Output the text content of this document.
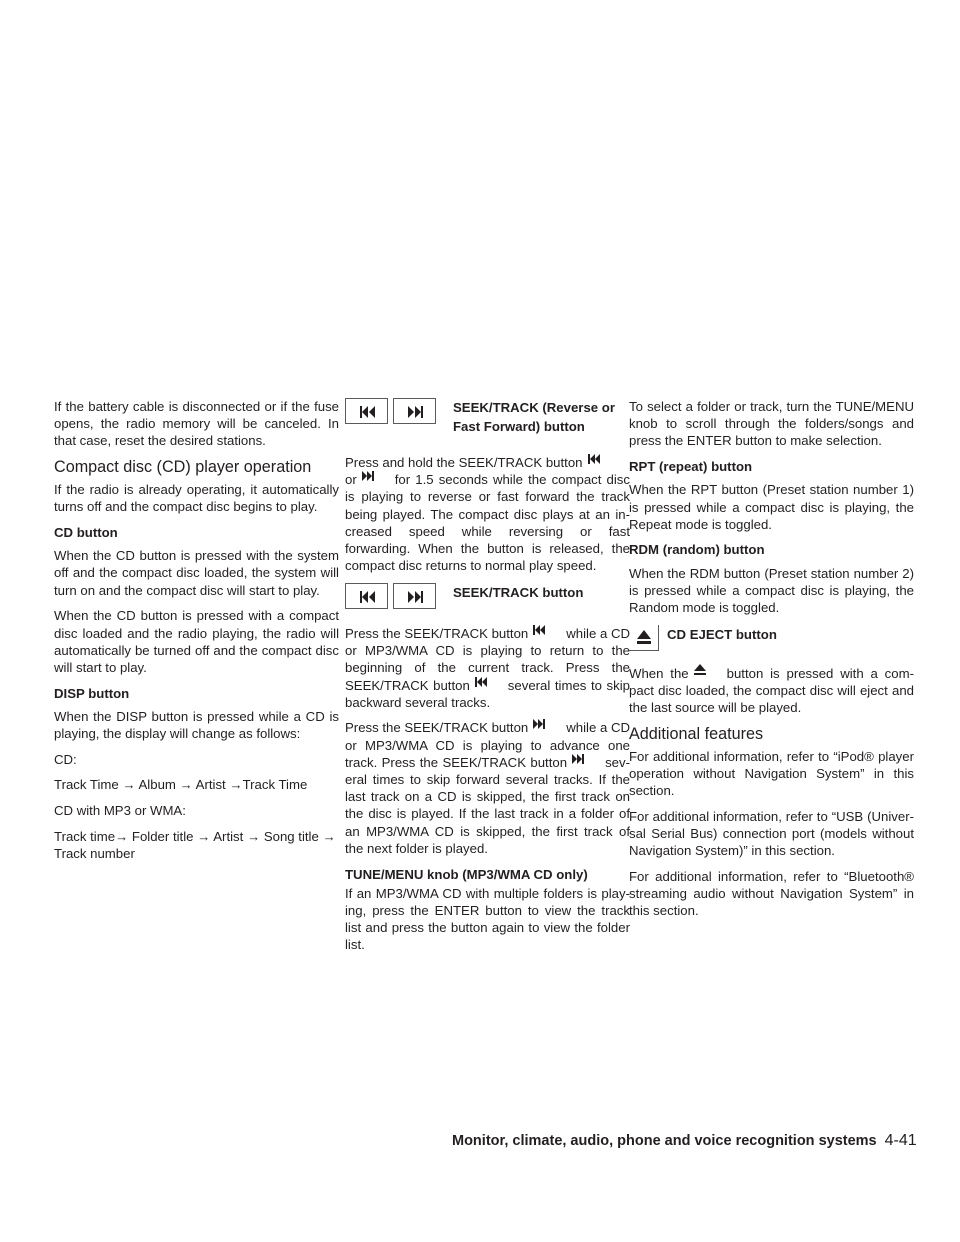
If the battery cable is disconnected or if the fuse opens, the radio memory will be canceled. In that case, reset the desired stations.

Compact disc (CD) player operation

If the radio is already operating, it automatically turns off and the compact disc begins to play.

CD button

When the CD button is pressed with the system off and the compact disc loaded, the system will turn on and the compact disc will start to play.

When the CD button is pressed with a compact disc loaded and the radio playing, the radio will automatically be turned off and the compact disc will start to play.

DISP button

When the DISP button is pressed while a CD is playing, the display will change as follows:

CD:

Track Time → Album → Artist →Track Time

CD with MP3 or WMA:

Track time→ Folder title → Artist → Song title → Track number

SEEK/TRACK (Reverse or
Fast Forward) button

Press and hold the SEEK/TRACK button

or	for 1.5 seconds while the compact disc is playing to reverse or fast forward the track being played. The compact disc plays at an increased speed while reversing or fast forwarding. When the button is released, the compact disc returns to normal play speed.

SEEK/TRACK button

Press the SEEK/TRACK button	while a CD or MP3/WMA CD is playing to return to the beginning of the current track. Press the SEEK/TRACK button	several times to skip backward several tracks.

Press the SEEK/TRACK button	while a CD or MP3/WMA CD is playing to advance one track. Press the SEEK/TRACK button	several times to skip forward several tracks. If the last track on a CD is skipped, the first track on the disc is played. If the last track in a folder of an MP3/WMA CD is skipped, the first track of the next folder is played.

TUNE/MENU knob (MP3/WMA CD only)

If an MP3/WMA CD with multiple folders is playing, press the ENTER button to view the track list and press the button again to view the folder list.

To select a folder or track, turn the TUNE/MENU knob to scroll through the folders/songs and press the ENTER button to make selection.

RPT (repeat) button

When the RPT button (Preset station number 1) is pressed while a compact disc is playing, the Repeat mode is toggled.

RDM (random) button

When the RDM button (Preset station number 2) is pressed while a compact disc is playing, the Random mode is toggled.

CD EJECT button

When the	button is pressed with a compact disc loaded, the compact disc will eject and the last source will be played.

Additional features

For additional information, refer to “iPod® player operation without Navigation System” in this section.

For additional information, refer to “USB (Universal Serial Bus) connection port (models without Navigation System)” in this section.

For additional information, refer to “Bluetooth® streaming audio without Navigation System” in this section.

Monitor, climate, audio, phone and voice recognition systems 4-41
